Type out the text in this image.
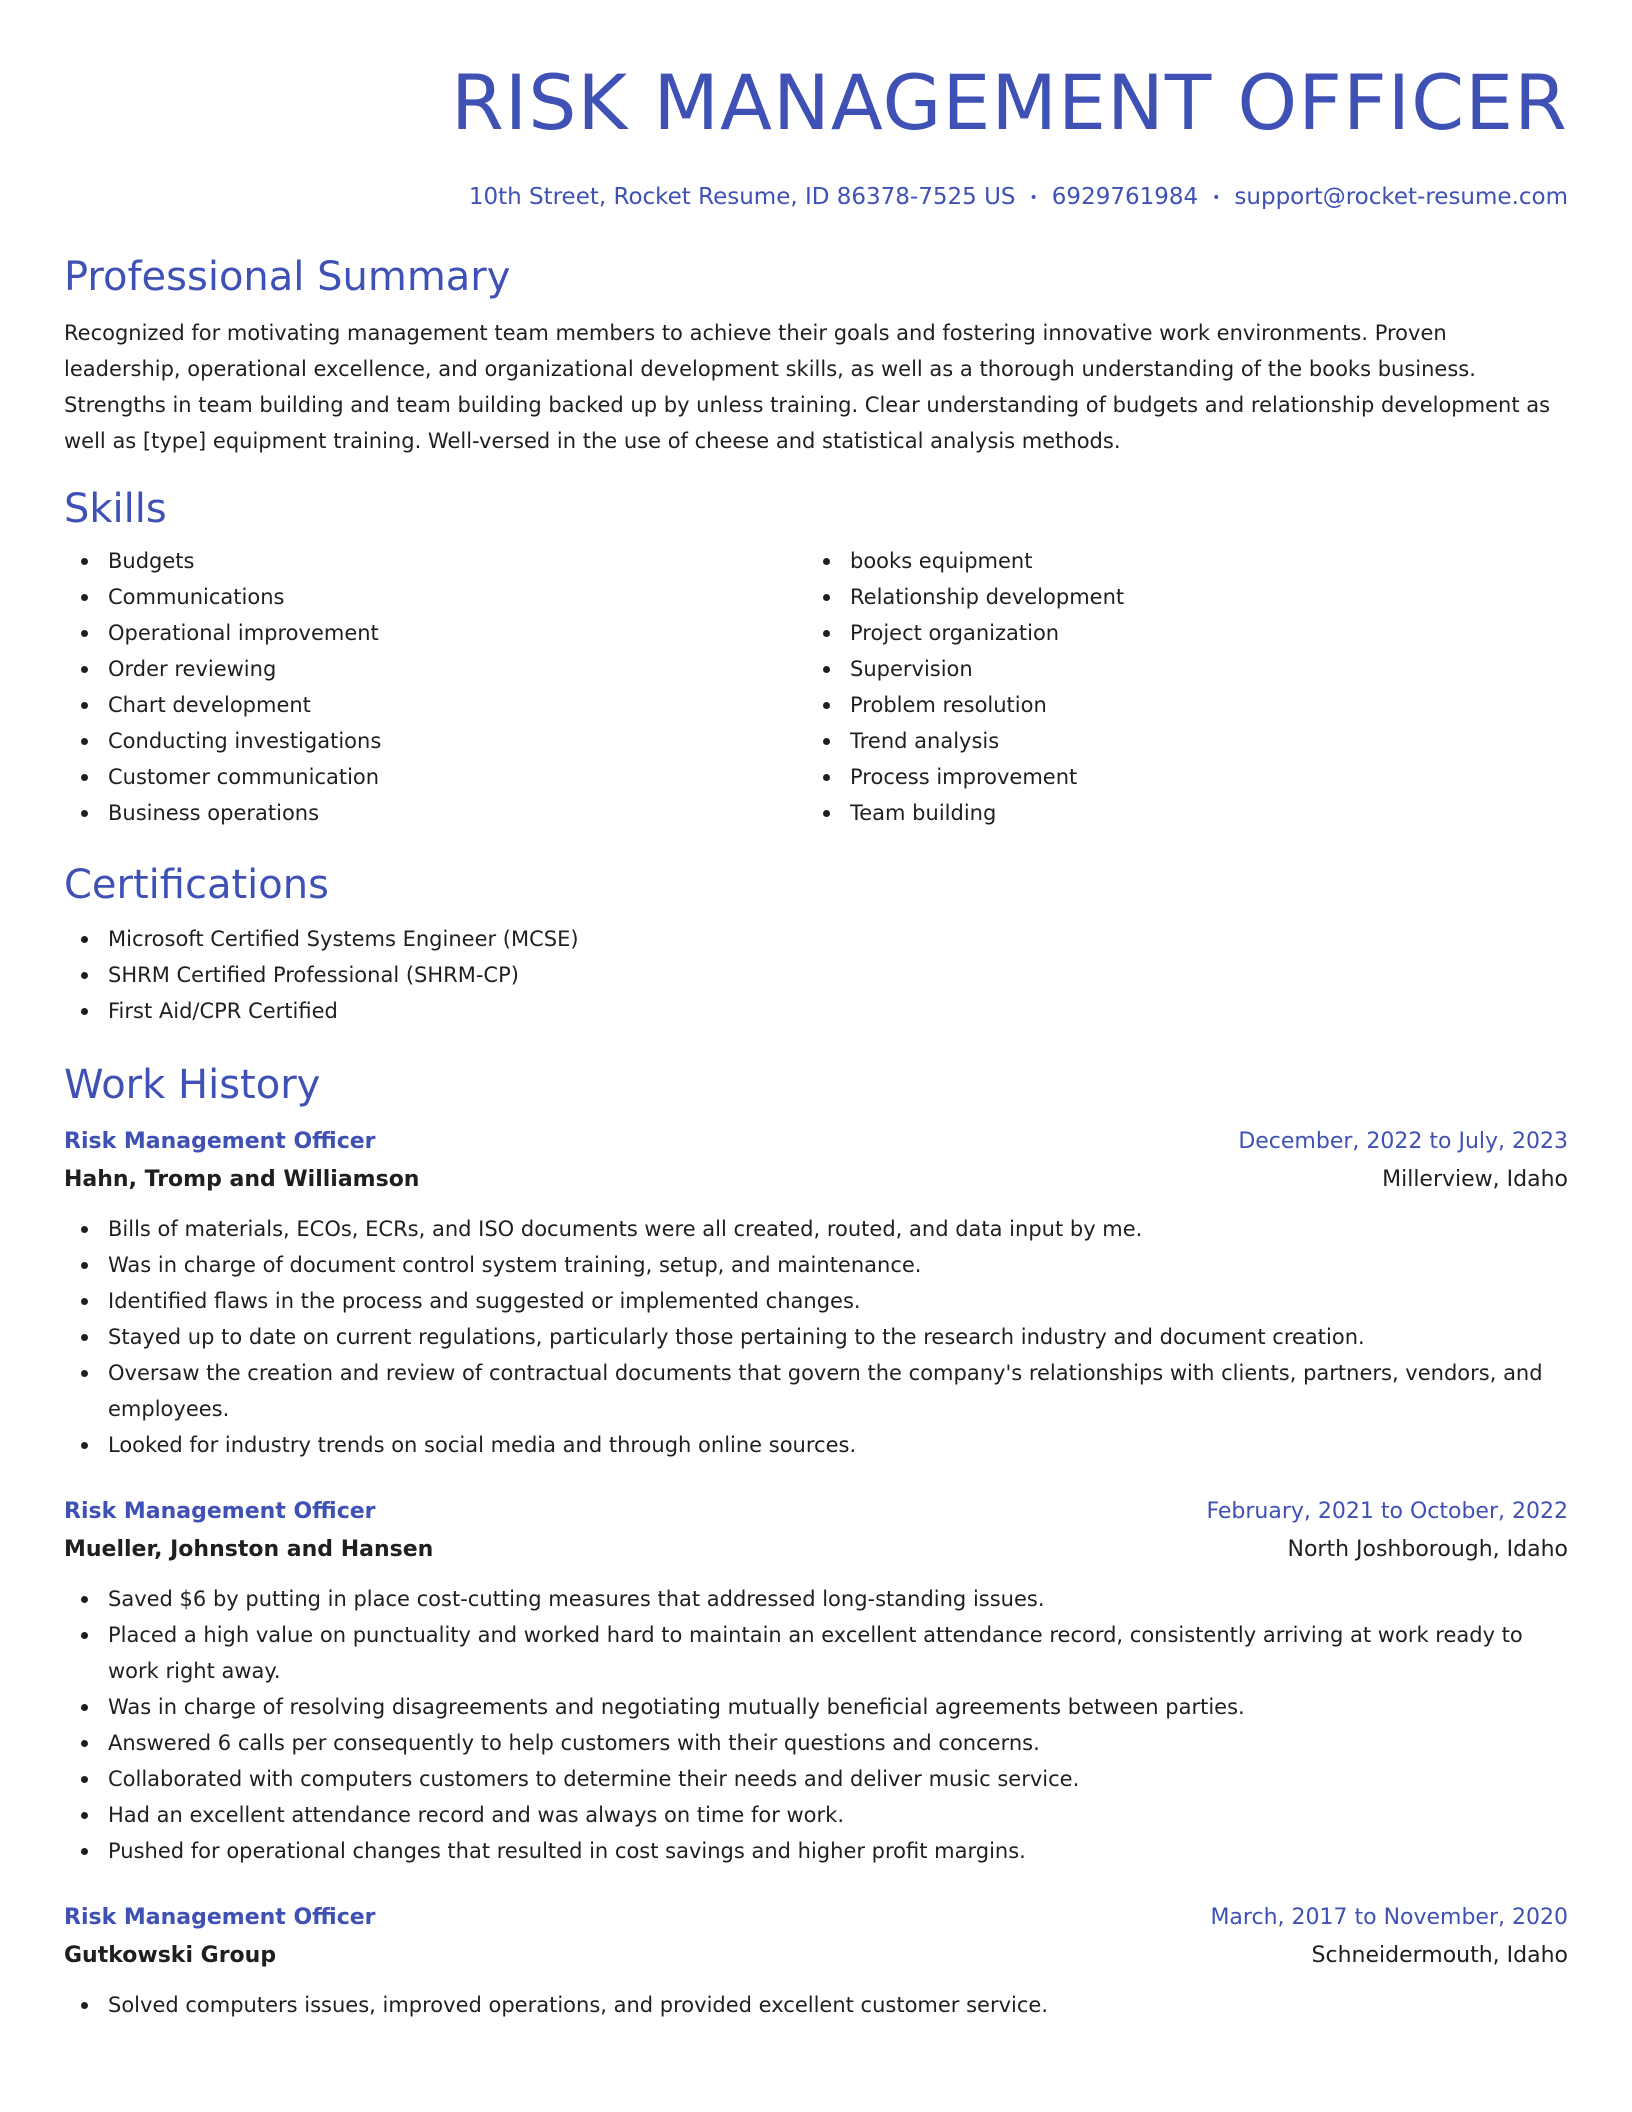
RISK MANAGEMENT OFFICER
10th Street, Rocket Resume, ID 86378-7525 US • 6929761984 • support@rocket-resume.com
Professional Summary

Recognized for motivating management team members to achieve their goals and fostering innovative work environments. Proven leadership, operational excellence, and organizational development skills, as well as a thorough understanding of the books business. Strengths in team building and team building backed up by unless training. Clear understanding of budgets and relationship development as well as [type] equipment training. Well-versed in the use of cheese and statistical analysis methods.

Skills
Budgets
Communications
Operational improvement
Order reviewing
Chart development
Conducting investigations
Customer communication
Business operations
books equipment
Relationship development
Project organization
Supervision
Problem resolution
Trend analysis
Process improvement
Team building
Certifications
Microsoft Certified Systems Engineer (MCSE)
SHRM Certified Professional (SHRM-CP)
First Aid/CPR Certified
Work History
Risk Management Officer	December, 2022 to July, 2023
Hahn, Tromp and Williamson	Millerview, Idaho
Bills of materials, ECOs, ECRs, and ISO documents were all created, routed, and data input by me.
Was in charge of document control system training, setup, and maintenance.
Identified flaws in the process and suggested or implemented changes.
Stayed up to date on current regulations, particularly those pertaining to the research industry and document creation.
Oversaw the creation and review of contractual documents that govern the company's relationships with clients, partners, vendors, and employees.
Looked for industry trends on social media and through online sources.
Risk Management Officer	February, 2021 to October, 2022
Mueller, Johnston and Hansen	North Joshborough, Idaho
Saved $6 by putting in place cost-cutting measures that addressed long-standing issues.
Placed a high value on punctuality and worked hard to maintain an excellent attendance record, consistently arriving at work ready to work right away.
Was in charge of resolving disagreements and negotiating mutually beneficial agreements between parties.
Answered 6 calls per consequently to help customers with their questions and concerns.
Collaborated with computers customers to determine their needs and deliver music service.
Had an excellent attendance record and was always on time for work.
Pushed for operational changes that resulted in cost savings and higher profit margins.
Risk Management Officer	March, 2017 to November, 2020
Gutkowski Group	Schneidermouth, Idaho
Solved computers issues, improved operations, and provided excellent customer service.
